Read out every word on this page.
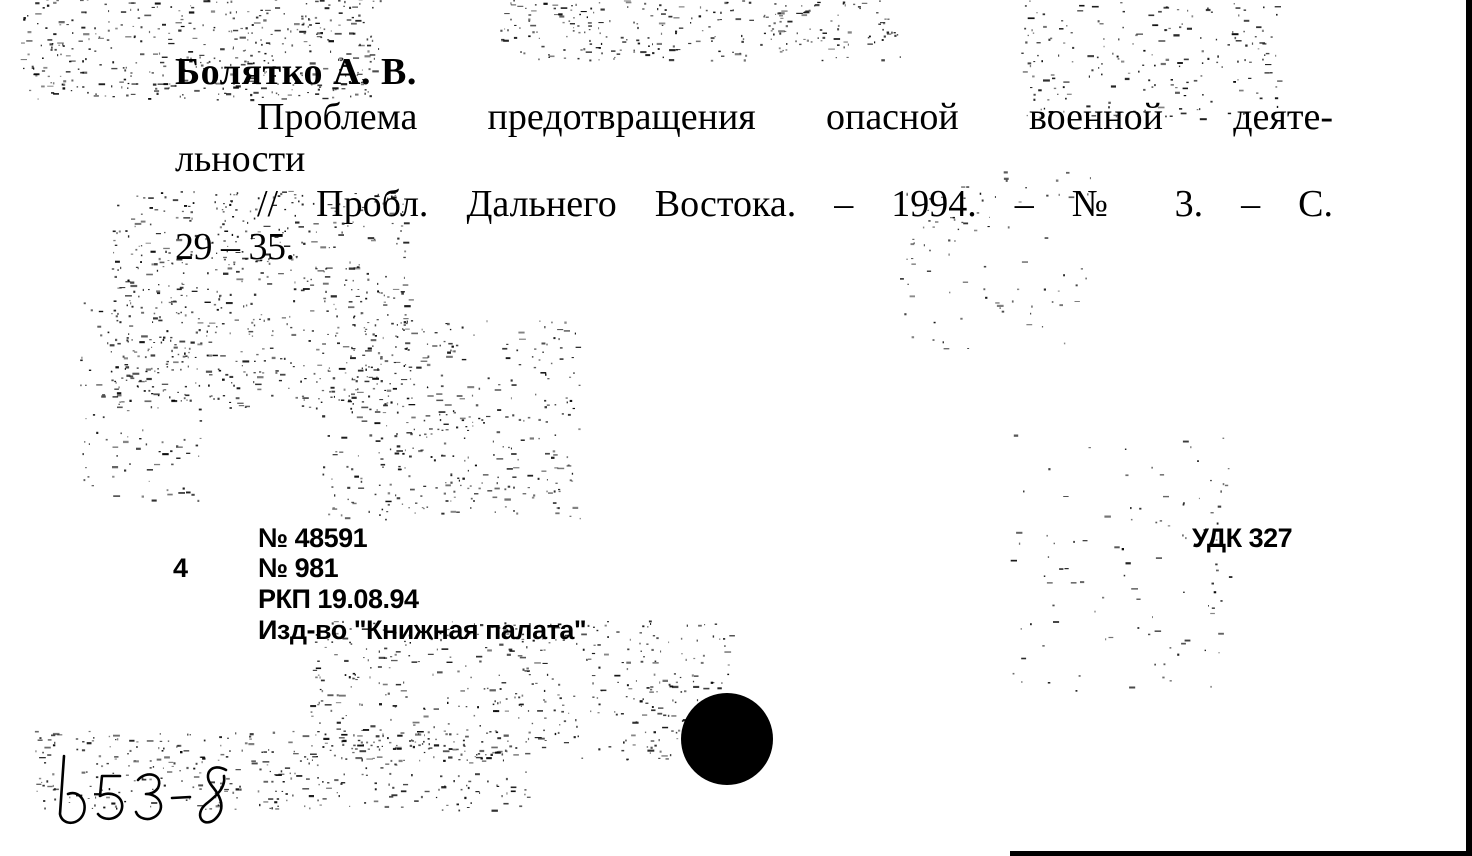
Болятко А. В.
Проблема предотвращения опасной военной деяте-
льности
// Пробл. Дальнего Востока. – 1994. – № 3. – С.
29 – 35.
4
№ 48591
№ 981
РКП 19.08.94
Изд-во "Книжная палата"
УДК 327
